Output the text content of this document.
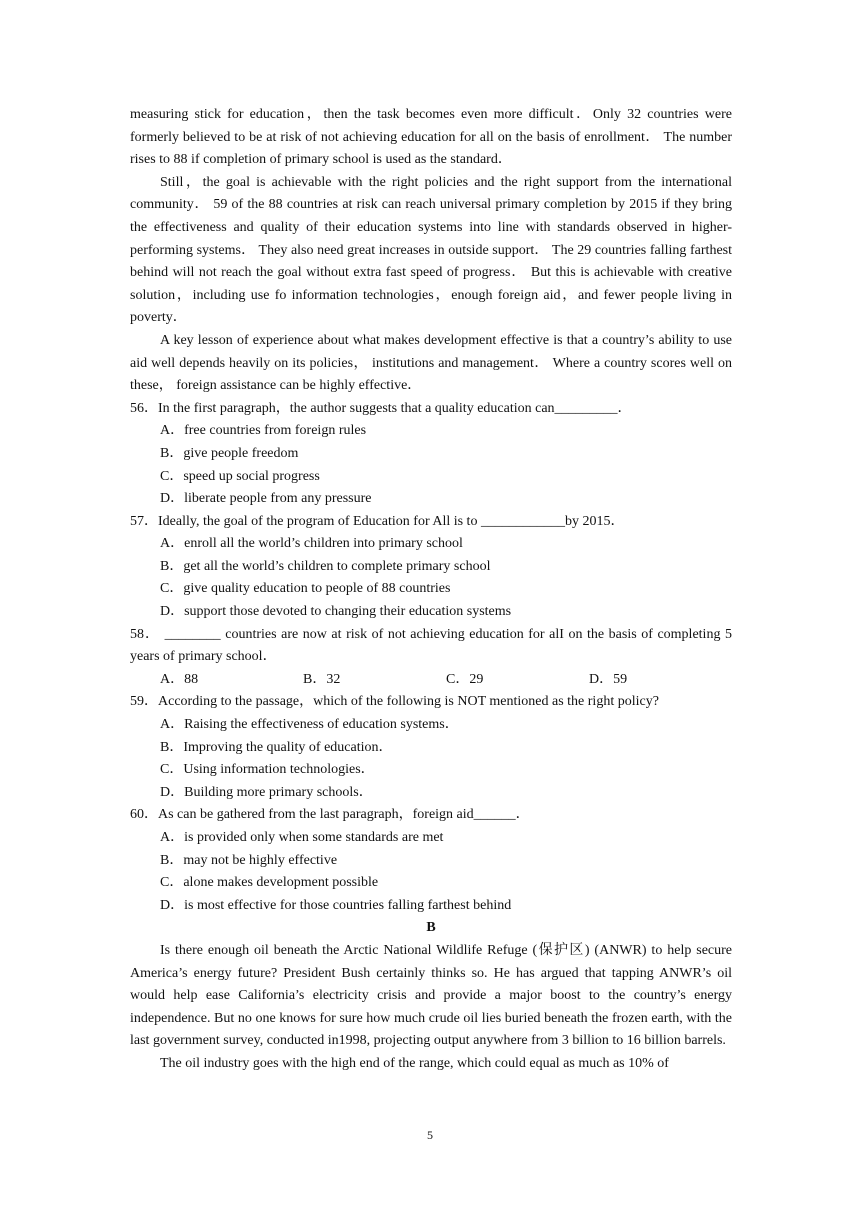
measuring stick for education，then the task becomes even more difficult．Only 32 countries were formerly believed to be at risk of not achieving education for all on the basis of enrollment． The number rises to 88 if completion of primary school is used as the standard．

Still，the goal is achievable with the right policies and the right support from the international community． 59 of the 88 countries at risk can reach universal primary completion by 2015 if they bring the effectiveness and quality of their education systems into line with standards observed in higher-performing systems． They also need great increases in outside support． The 29 countries falling farthest behind will not reach the goal without extra fast speed of progress． But this is achievable with creative solution，including use fo information technologies，enough foreign aid，and fewer people living in poverty．

A key lesson of experience about what makes development effective is that a country’s ability to use aid well depends heavily on its policies， institutions and management． Where a country scores well on these， foreign assistance can be highly effective．

56．In the first paragraph，the author suggests that a quality education can_________．

A．free countries from foreign rules

B．give people freedom

C．speed up social progress

D．liberate people from any pressure

57．Ideally, the goal of the program of Education for All is to ____________by 2015．

A．enroll all the world’s children into primary school

B．get all the world’s children to complete primary school

C．give quality education to people of 88 countries

D．support those devoted to changing their education systems

58． ________ countries are now at risk of not achieving education for alI on the basis of completing 5 years of primary school．

A．88	B．32	C．29	D．59

59．According to the passage，which of the following is NOT mentioned as the right policy?

A．Raising the effectiveness of education systems．

B．Improving the quality of education．

C．Using information technologies．

D．Building more primary schools．

60．As can be gathered from the last paragraph，foreign aid______．

A．is provided only when some standards are met

B．may not be highly effective

C．alone makes development possible

D．is most effective for those countries falling farthest behind

B

Is there enough oil beneath the Arctic National Wildlife Refuge (保护区) (ANWR) to help secure America’s energy future? President Bush certainly thinks so. He has argued that tapping ANWR’s oil would help ease California’s electricity crisis and provide a major boost to the country’s energy independence. But no one knows for sure how much crude oil lies buried beneath the frozen earth, with the last government survey, conducted in1998, projecting output anywhere from 3 billion to 16 billion barrels.

The oil industry goes with the high end of the range, which could equal as much as 10% of

5
